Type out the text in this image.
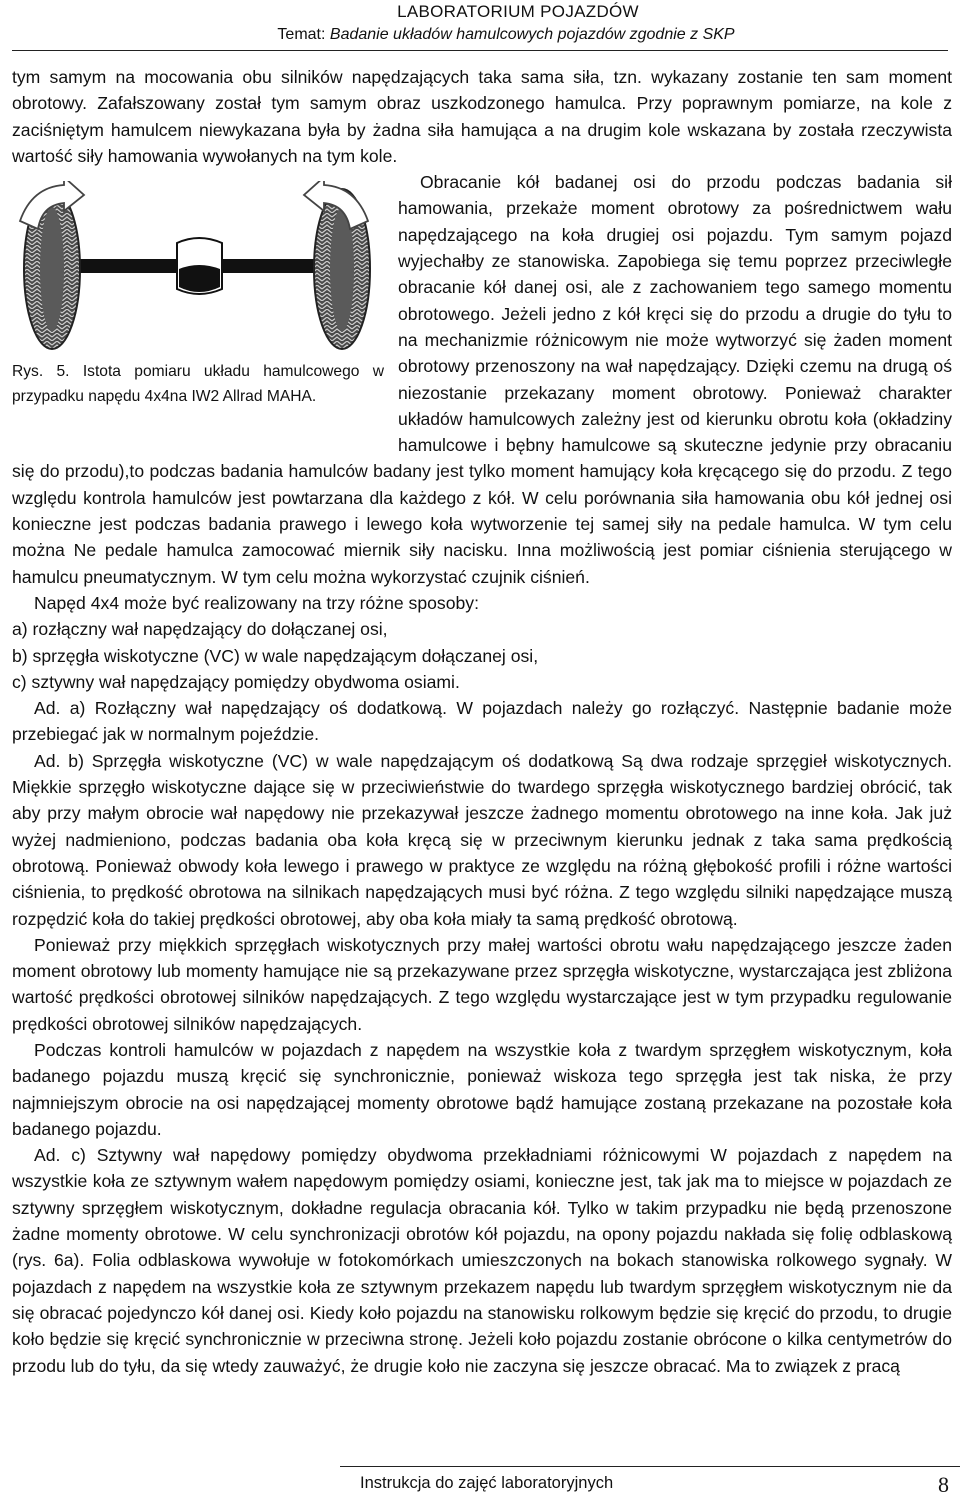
LABORATORIUM POJAZDÓW
Temat: Badanie układów hamulcowych pojazdów zgodnie z SKP

tym samym na mocowania obu silników napędzających taka sama siła, tzn. wykazany zostanie ten sam moment obrotowy. Zafałszowany został tym samym obraz uszkodzonego hamulca. Przy poprawnym pomiarze, na kole z zaciśniętym hamulcem niewykazana była by żadna siła hamująca a na drugim kole wskazana by została rzeczywista wartość siły hamowania wywołanych na tym kole.

Rys. 5. Istota pomiaru układu hamulcowego w przypadku napędu 4x4na IW2 Allrad MAHA.

Obracanie kół badanej osi do przodu podczas badania sił hamowania, przekaże moment obrotowy za pośrednictwem wału napędzającego na koła drugiej osi pojazdu. Tym samym pojazd wyjechałby ze stanowiska. Zapobiega się temu poprzez przeciwległe obracanie kół danej osi, ale z zachowaniem tego samego momentu obrotowego. Jeżeli jedno z kół kręci się do przodu a drugie do tyłu to na mechanizmie różnicowym nie może wytworzyć się żaden moment obrotowy przenoszony na wał napędzający. Dzięki czemu na drugą oś niezostanie przekazany moment obrotowy. Ponieważ charakter układów hamulcowych zależny jest od kierunku obrotu koła (okładziny hamulcowe i bębny hamulcowe są skuteczne jedynie przy obracaniu się do przodu),to podczas badania hamulców badany jest tylko moment hamujący koła kręcącego się do przodu. Z tego względu kontrola hamulców jest powtarzana dla każdego z kół. W celu porównania siła hamowania obu kół jednej osi konieczne jest podczas badania prawego i lewego koła wytworzenie tej samej siły na pedale hamulca. W tym celu można Ne pedale hamulca zamocować miernik siły nacisku. Inna możliwością jest pomiar ciśnienia sterującego w hamulcu pneumatycznym. W tym celu można wykorzystać czujnik ciśnień.

Napęd 4x4 może być realizowany na trzy różne sposoby:

a) rozłączny wał napędzający do dołączanej osi,

b) sprzęgła wiskotyczne (VC) w wale napędzającym dołączanej osi,

c) sztywny wał napędzający pomiędzy obydwoma osiami.

Ad. a) Rozłączny wał napędzający oś dodatkową. W pojazdach należy go rozłączyć. Następnie badanie może przebiegać jak w normalnym pojeździe.

Ad. b) Sprzęgła wiskotyczne (VC) w wale napędzającym oś dodatkową Są dwa rodzaje sprzęgieł wiskotycznych. Miękkie sprzęgło wiskotyczne dające się w przeciwieństwie do twardego sprzęgła wiskotycznego bardziej obrócić, tak aby przy małym obrocie wał napędowy nie przekazywał jeszcze żadnego momentu obrotowego na inne koła. Jak już wyżej nadmieniono, podczas badania oba koła kręcą się w przeciwnym kierunku jednak z taka sama prędkością obrotową. Ponieważ obwody koła lewego i prawego w praktyce ze względu na różną głębokość profili i różne wartości ciśnienia, to prędkość obrotowa na silnikach napędzających musi być różna. Z tego względu silniki napędzające muszą rozpędzić koła do takiej prędkości obrotowej, aby oba koła miały ta samą prędkość obrotową.

Ponieważ przy miękkich sprzęgłach wiskotycznych przy małej wartości obrotu wału napędzającego jeszcze żaden moment obrotowy lub momenty hamujące nie są przekazywane przez sprzęgła wiskotyczne, wystarczająca jest zbliżona wartość prędkości obrotowej silników napędzających. Z tego względu wystarczające jest w tym przypadku regulowanie prędkości obrotowej silników napędzających.

Podczas kontroli hamulców w pojazdach z napędem na wszystkie koła z twardym sprzęgłem wiskotycznym, koła badanego pojazdu muszą kręcić się synchronicznie, ponieważ wiskoza tego sprzęgła jest tak niska, że przy najmniejszym obrocie na osi napędzającej momenty obrotowe bądź hamujące zostaną przekazane na pozostałe koła badanego pojazdu.

Ad. c) Sztywny wał napędowy pomiędzy obydwoma przekładniami różnicowymi W pojazdach z napędem na wszystkie koła ze sztywnym wałem napędowym pomiędzy osiami, konieczne jest, tak jak ma to miejsce w pojazdach ze sztywny sprzęgłem wiskotycznym, dokładne regulacja obracania kół. Tylko w takim przypadku nie będą przenoszone żadne momenty obrotowe. W celu synchronizacji obrotów kół pojazdu, na opony pojazdu nakłada się folię odblaskową (rys. 6a). Folia odblaskowa wywołuje w fotokomórkach umieszczonych na bokach stanowiska rolkowego sygnały. W pojazdach z napędem na wszystkie koła ze sztywnym przekazem napędu lub twardym sprzęgłem wiskotycznym nie da się obracać pojedynczo kół danej osi. Kiedy koło pojazdu na stanowisku rolkowym będzie się kręcić do przodu, to drugie koło będzie się kręcić synchronicznie w przeciwna stronę. Jeżeli koło pojazdu zostanie obrócone o kilka centymetrów do przodu lub do tyłu, da się wtedy zauważyć, że drugie koło nie zaczyna się jeszcze obracać. Ma to związek z pracą

Instrukcja do zajęć laboratoryjnych	8
